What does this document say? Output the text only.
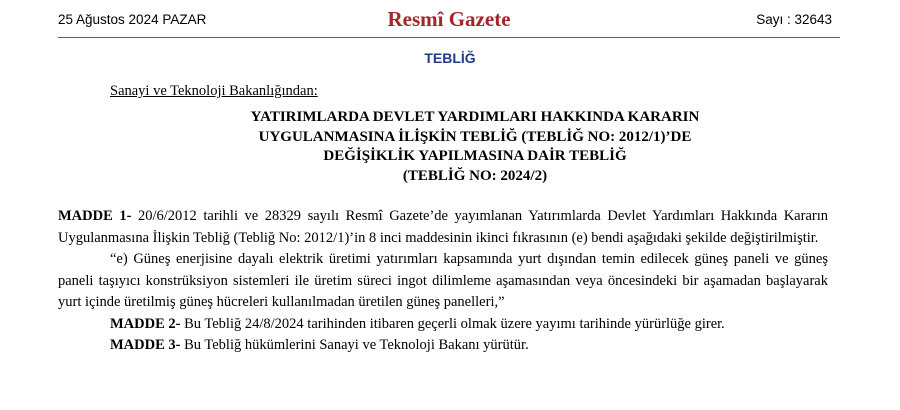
25 Ağustos 2024 PAZAR	Resmî Gazete	Sayı : 32643
TEBLİĞ
Sanayi ve Teknoloji Bakanlığından:
YATIRIMLARDA DEVLET YARDIMLARI HAKKINDA KARARIN
UYGULANMASINA İLİŞKİN TEBLİĞ (TEBLİĞ NO: 2012/1)’DE
DEĞİŞİKLİK YAPILMASINA DAİR TEBLİĞ
(TEBLİĞ NO: 2024/2)

MADDE 1- 20/6/2012 tarihli ve 28329 sayılı Resmî Gazete’de yayımlanan Yatırımlarda Devlet Yardımları Hakkında Kararın Uygulanmasına İlişkin Tebliğ (Tebliğ No: 2012/1)’in 8 inci maddesinin ikinci fıkrasının (e) bendi aşağıdaki şekilde değiştirilmiştir.

“e) Güneş enerjisine dayalı elektrik üretimi yatırımları kapsamında yurt dışından temin edilecek güneş paneli ve güneş paneli taşıyıcı konstrüksiyon sistemleri ile üretim süreci ingot dilimleme aşamasından veya öncesindeki bir aşamadan başlayarak yurt içinde üretilmiş güneş hücreleri kullanılmadan üretilen güneş panelleri,”

MADDE 2- Bu Tebliğ 24/8/2024 tarihinden itibaren geçerli olmak üzere yayımı tarihinde yürürlüğe girer.

MADDE 3- Bu Tebliğ hükümlerini Sanayi ve Teknoloji Bakanı yürütür.
